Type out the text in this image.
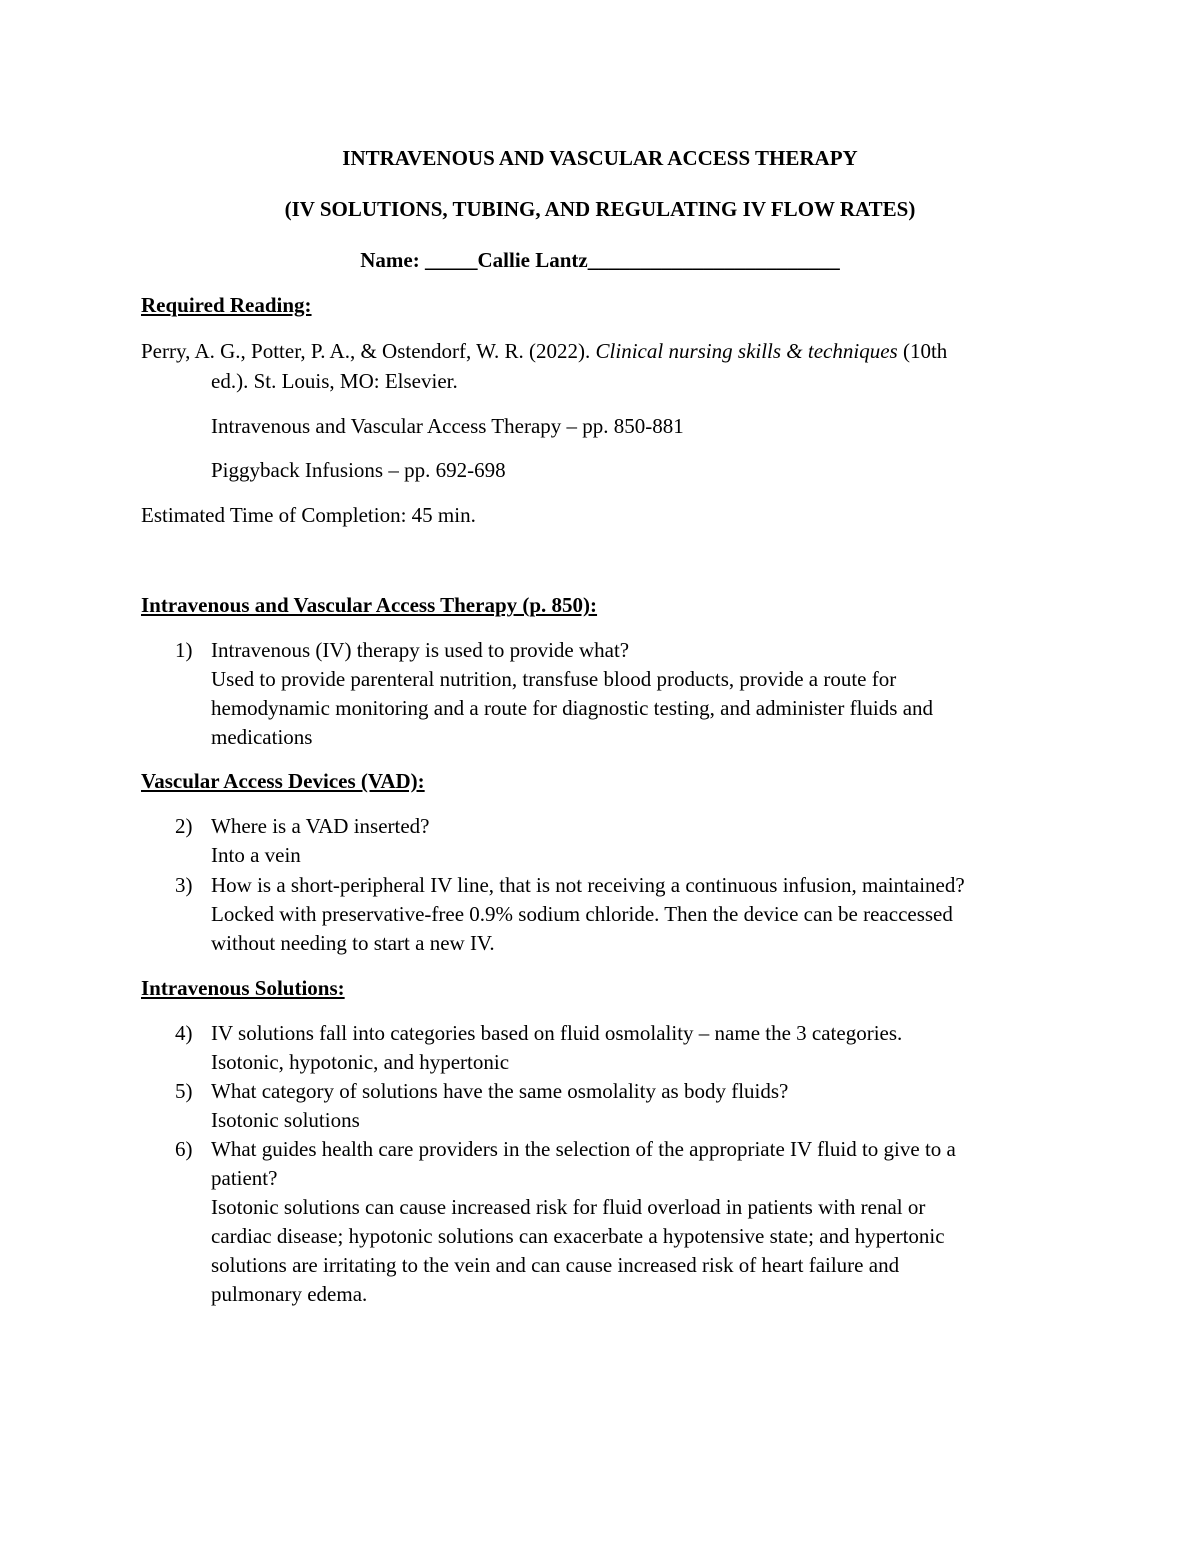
INTRAVENOUS AND VASCULAR ACCESS THERAPY
(IV SOLUTIONS, TUBING, AND REGULATING IV FLOW RATES)
Name: _____Callie Lantz________________________
Required Reading:
Perry, A. G., Potter, P. A., & Ostendorf, W. R. (2022). Clinical nursing skills & techniques (10th
ed.). St. Louis, MO: Elsevier.
Intravenous and Vascular Access Therapy – pp. 850-881
Piggyback Infusions – pp. 692-698
Estimated Time of Completion: 45 min.
Intravenous and Vascular Access Therapy (p. 850):
1) Intravenous (IV) therapy is used to provide what?
Used to provide parenteral nutrition, transfuse blood products, provide a route for
hemodynamic monitoring and a route for diagnostic testing, and administer fluids and
medications
Vascular Access Devices (VAD):
2) Where is a VAD inserted?
Into a vein
3) How is a short-peripheral IV line, that is not receiving a continuous infusion, maintained?
Locked with preservative-free 0.9% sodium chloride. Then the device can be reaccessed
without needing to start a new IV.
Intravenous Solutions:
4) IV solutions fall into categories based on fluid osmolality – name the 3 categories.
Isotonic, hypotonic, and hypertonic
5) What category of solutions have the same osmolality as body fluids?
Isotonic solutions
6) What guides health care providers in the selection of the appropriate IV fluid to give to a
patient?
Isotonic solutions can cause increased risk for fluid overload in patients with renal or
cardiac disease; hypotonic solutions can exacerbate a hypotensive state; and hypertonic
solutions are irritating to the vein and can cause increased risk of heart failure and
pulmonary edema.
